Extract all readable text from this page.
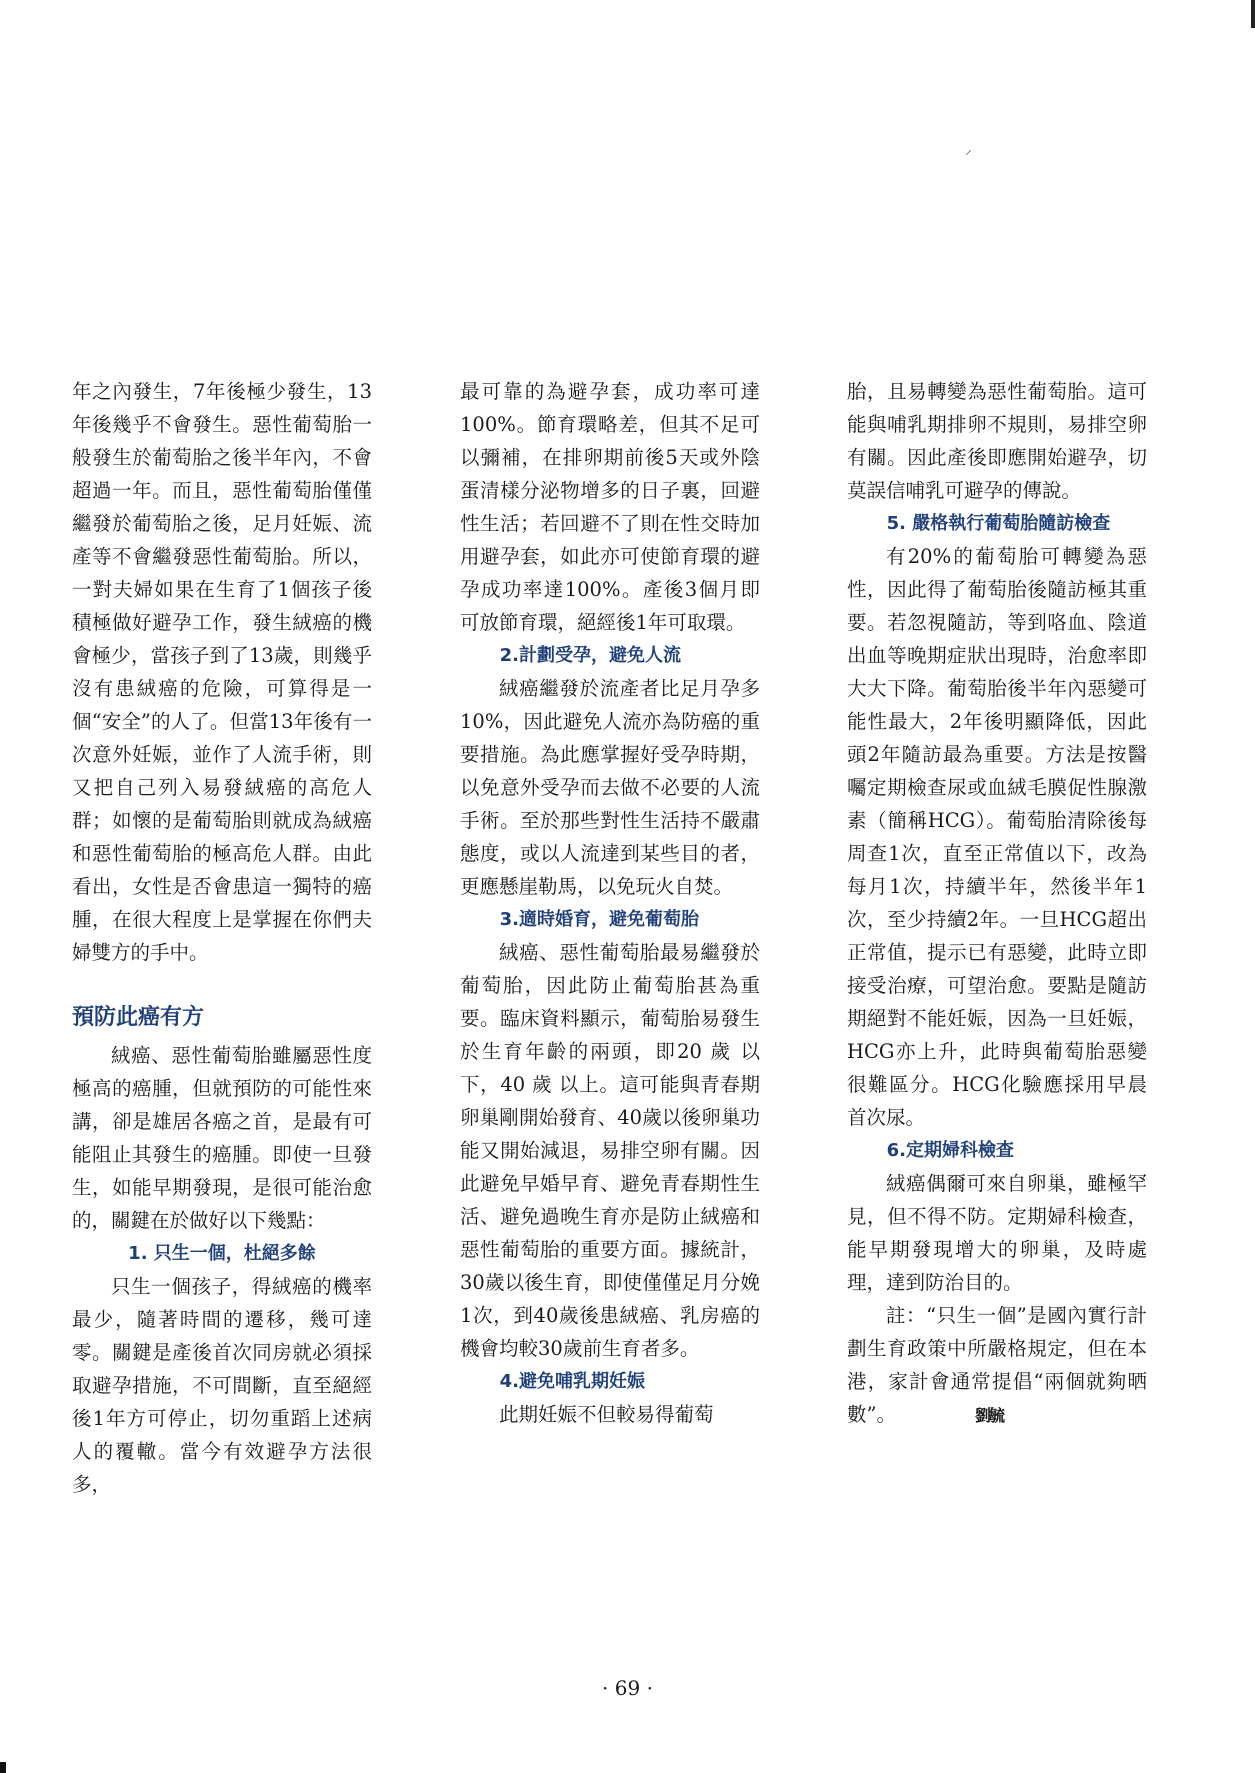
⸝

年之內發生，7年後極少發生，13年後幾乎不會發生。惡性葡萄胎一般發生於葡萄胎之後半年內，不會超過一年。而且，惡性葡萄胎僅僅繼發於葡萄胎之後，足月妊娠、流產等不會繼發惡性葡萄胎。所以，一對夫婦如果在生育了1個孩子後積極做好避孕工作，發生絨癌的機會極少，當孩子到了13歲，則幾乎沒有患絨癌的危險，可算得是一個“安全”的人了。但當13年後有一次意外妊娠，並作了人流手術，則又把自己列入易發絨癌的高危人群；如懷的是葡萄胎則就成為絨癌和惡性葡萄胎的極高危人群。由此看出，女性是否會患這一獨特的癌腫，在很大程度上是掌握在你們夫婦雙方的手中。

預防此癌有方

絨癌、惡性葡萄胎雖屬惡性度極高的癌腫，但就預防的可能性來講，卻是雄居各癌之首，是最有可能阻止其發生的癌腫。即使一旦發生，如能早期發現，是很可能治愈的，關鍵在於做好以下幾點：

1. 只生一個，杜絕多餘

只生一個孩子，得絨癌的機率最少，隨著時間的遷移，幾可達零。關鍵是產後首次同房就必須採取避孕措施，不可間斷，直至絕經後1年方可停止，切勿重蹈上述病人的覆轍。當今有效避孕方法很多，

最可靠的為避孕套，成功率可達100%。節育環略差，但其不足可以彌補，在排卵期前後5天或外陰蛋清樣分泌物增多的日子裏，回避性生活；若回避不了則在性交時加用避孕套，如此亦可使節育環的避孕成功率達100%。產後3個月即可放節育環，絕經後1年可取環。

2.計劃受孕，避免人流

絨癌繼發於流產者比足月孕多10%，因此避免人流亦為防癌的重要措施。為此應掌握好受孕時期，以免意外受孕而去做不必要的人流手術。至於那些對性生活持不嚴肅態度，或以人流達到某些目的者，更應懸崖勒馬，以免玩火自焚。

3.適時婚育，避免葡萄胎

絨癌、惡性葡萄胎最易繼發於葡萄胎，因此防止葡萄胎甚為重要。臨床資料顯示，葡萄胎易發生於生育年齡的兩頭，即20 歲 以 下，40 歲 以上。這可能與青春期卵巢剛開始發育、40歲以後卵巢功能又開始減退，易排空卵有關。因此避免早婚早育、避免青春期性生活、避免過晚生育亦是防止絨癌和惡性葡萄胎的重要方面。據統計，30歲以後生育，即使僅僅足月分娩1次，到40歲後患絨癌、乳房癌的機會均較30歲前生育者多。

4.避免哺乳期妊娠

此期妊娠不但較易得葡萄

胎，且易轉變為惡性葡萄胎。這可能與哺乳期排卵不規則，易排空卵有關。因此產後即應開始避孕，切莫誤信哺乳可避孕的傳說。

5. 嚴格執行葡萄胎隨訪檢查

有20%的葡萄胎可轉變為惡性，因此得了葡萄胎後隨訪極其重要。若忽視隨訪，等到咯血、陰道出血等晚期症狀出現時，治愈率即大大下降。葡萄胎後半年內惡變可能性最大，2年後明顯降低，因此頭2年隨訪最為重要。方法是按醫囑定期檢查尿或血絨毛膜促性腺激素（簡稱HCG）。葡萄胎清除後每周查1次，直至正常值以下，改為每月1次，持續半年，然後半年1次，至少持續2年。一旦HCG超出正常值，提示已有惡變，此時立即接受治療，可望治愈。要點是隨訪期絕對不能妊娠，因為一旦妊娠，HCG亦上升，此時與葡萄胎惡變很難區分。HCG化驗應採用早晨首次尿。

6.定期婦科檢查

絨癌偶爾可來自卵巢，雖極罕見，但不得不防。定期婦科檢查，能早期發現增大的卵巢，及時處理，達到防治目的。

註：“只生一個”是國內實行計劃生育政策中所嚴格規定，但在本港，家計會通常提倡“兩個就夠晒數”。	劉毓

· 69 ·
